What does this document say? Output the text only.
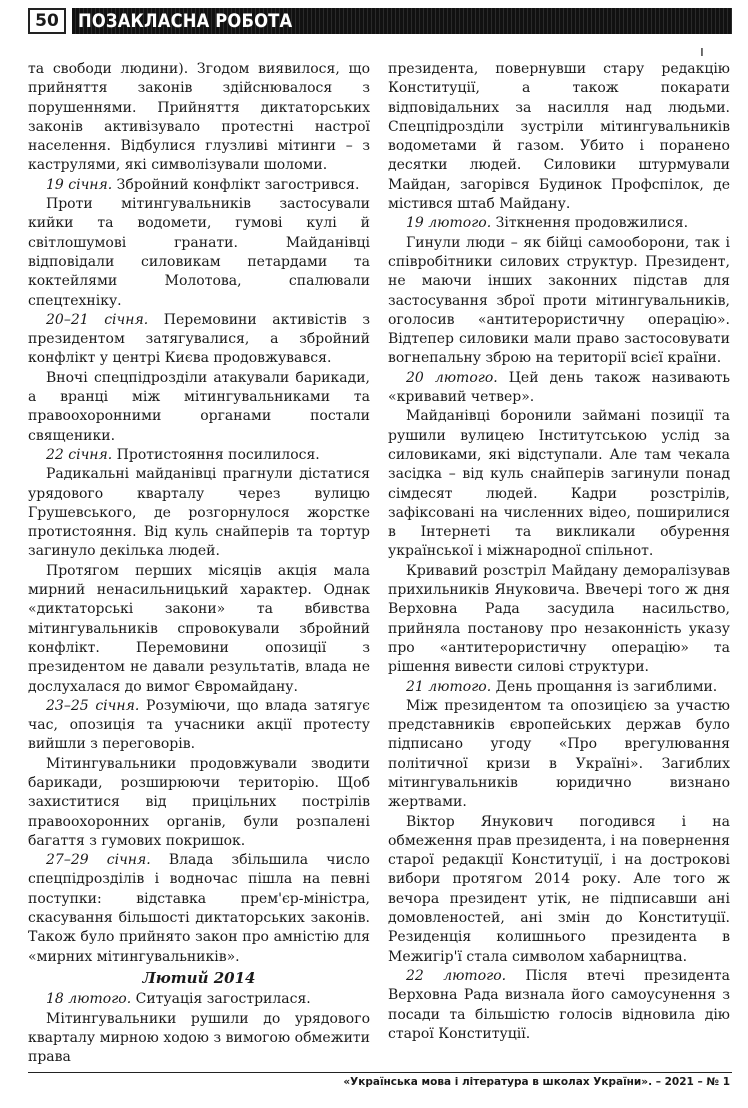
50	ПОЗАКЛАСНА РОБОТА
ı

та свободи людини). Згодом виявилося, що прийняття законів здійснювалося з порушеннями. Прийняття диктаторських законів активізувало протестні настрої населення. Відбулися глузливі мітинги – з каструлями, які символізували шоломи.

19 січня. Збройний конфлікт загострився.

Проти мітингувальників застосували кийки та водомети, гумові кулі й світлошумові гранати. Майданівці відповідали силовикам петардами та коктейлями Молотова, спалювали спецтехніку.

20–21 січня. Перемовини активістів з президентом затягувалися, а збройний конфлікт у центрі Києва продовжувався.

Вночі спецпідрозділи атакували барикади, а вранці між мітингувальниками та правоохоронними органами постали священики.

22 січня. Протистояння посилилося.

Радикальні майданівці прагнули дістатися урядового кварталу через вулицю Грушевського, де розгорнулося жорстке протистояння. Від куль снайперів та тортур загинуло декілька людей.

Протягом перших місяців акція мала мирний ненасильницький характер. Однак «диктаторські закони» та вбивства мітингувальників спровокували збройний конфлікт. Перемовини опозиції з президентом не давали результатів, влада не дослухалася до вимог Євромайдану.

23–25 січня. Розуміючи, що влада затягує час, опозиція та учасники акції протесту вийшли з переговорів.

Мітингувальники продовжували зводити барикади, розширюючи територію. Щоб захиститися від прицільних пострілів правоохоронних органів, були розпалені багаття з гумових покришок.

27–29 січня. Влада збільшила число спецпідрозділів і водночас пішла на певні поступки: відставка прем'єр-міністра, скасування більшості диктаторських законів. Також було прийнято закон про амністію для «мирних мітингувальників».

Лютий 2014

18 лютого. Ситуація загострилася.

Мітингувальники рушили до урядового кварталу мирною ходою з вимогою обмежити права

президента, повернувши стару редакцію Конституції, а також покарати відповідальних за насилля над людьми. Спецпідрозділи зустріли мітингувальників водометами й газом. Убито і поранено десятки людей. Силовики штурмували Майдан, загорівся Будинок Профспілок, де містився штаб Майдану.

19 лютого. Зіткнення продовжилися.

Гинули люди – як бійці самооборони, так і співробітники силових структур. Президент, не маючи інших законних підстав для застосування зброї проти мітингувальників, оголосив «антитерористичну операцію». Відтепер силовики мали право застосовувати вогнепальну зброю на території всієї країни.

20 лютого. Цей день також називають «кривавий четвер».

Майданівці боронили займані позиції та рушили вулицею Інститутською услід за силовиками, які відступали. Але там чекала засідка – від куль снайперів загинули понад сімдесят людей. Кадри розстрілів, зафіксовані на численних відео, поширилися в Інтернеті та викликали обурення української і міжнародної спільнот.

Кривавий розстріл Майдану деморалізував прихильників Януковича. Ввечері того ж дня Верховна Рада засудила насильство, прийняла постанову про незаконність указу про «антитерористичну операцію» та рішення вивести силові структури.

21 лютого. День прощання із загиблими.

Між президентом та опозицією за участю представників європейських держав було підписано угоду «Про врегулювання політичної кризи в Україні». Загиблих мітингувальників юридично визнано жертвами.

Віктор Янукович погодився і на обмеження прав президента, і на повернення старої редакції Конституції, і на дострокові вибори протягом 2014 року. Але того ж вечора президент утік, не підписавши ані домовленостей, ані змін до Конституції. Резиденція колишнього президента в Межигір'ї стала символом хабарництва.

22 лютого. Після втечі президента Верховна Рада визнала його самоусунення з посади та більшістю голосів відновила дію старої Конституції.

«Українська мова і література в школах України». – 2021 – № 1
